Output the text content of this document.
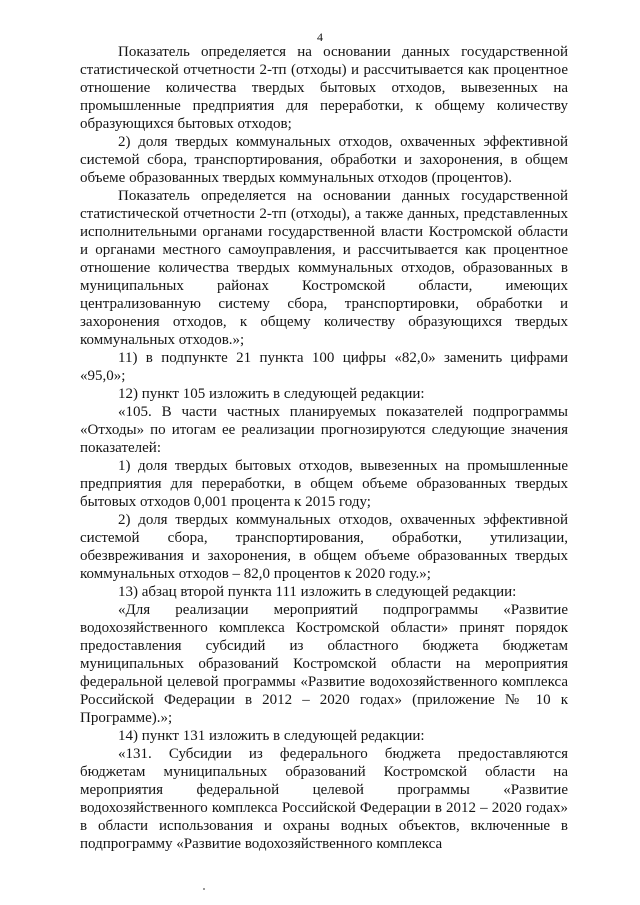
4

Показатель определяется на основании данных государственной статистической отчетности 2-тп (отходы) и рассчитывается как процентное отношение количества твердых бытовых отходов, вывезенных на промышленные предприятия для переработки, к общему количеству образующихся бытовых отходов;

2) доля твердых коммунальных отходов, охваченных эффективной системой сбора, транспортирования, обработки и захоронения, в общем объеме образованных твердых коммунальных отходов (процентов).

Показатель определяется на основании данных государственной статистической отчетности 2-тп (отходы), а также данных, представленных исполнительными органами государственной власти Костромской области и органами местного самоуправления, и рассчитывается как процентное отношение количества твердых коммунальных отходов, образованных в муниципальных районах Костромской области, имеющих централизованную систему сбора, транспортировки, обработки и захоронения отходов, к общему количеству образующихся твердых коммунальных отходов.»;

11) в подпункте 21 пункта 100 цифры «82,0» заменить цифрами «95,0»;

12) пункт 105 изложить в следующей редакции:

«105. В части частных планируемых показателей подпрограммы «Отходы» по итогам ее реализации прогнозируются следующие значения показателей:

1) доля твердых бытовых отходов, вывезенных на промышленные предприятия для переработки, в общем объеме образованных твердых бытовых отходов 0,001 процента к 2015 году;

2) доля твердых коммунальных отходов, охваченных эффективной системой сбора, транспортирования, обработки, утилизации, обезвреживания и захоронения, в общем объеме образованных твердых коммунальных отходов – 82,0 процентов к 2020 году.»;

13) абзац второй пункта 111 изложить в следующей редакции:

«Для реализации мероприятий подпрограммы «Развитие водохозяйственного комплекса Костромской области» принят порядок предоставления субсидий из областного бюджета бюджетам муниципальных образований Костромской области на мероприятия федеральной целевой программы «Развитие водохозяйственного комплекса Российской Федерации в 2012 – 2020 годах» (приложение № 10 к Программе).»;

14) пункт 131 изложить в следующей редакции:

«131. Субсидии из федерального бюджета предоставляются бюджетам муниципальных образований Костромской области на мероприятия федеральной целевой программы «Развитие водохозяйственного комплекса Российской Федерации в 2012 – 2020 годах» в области использования и охраны водных объектов, включенные в подпрограмму «Развитие водохозяйственного комплекса
